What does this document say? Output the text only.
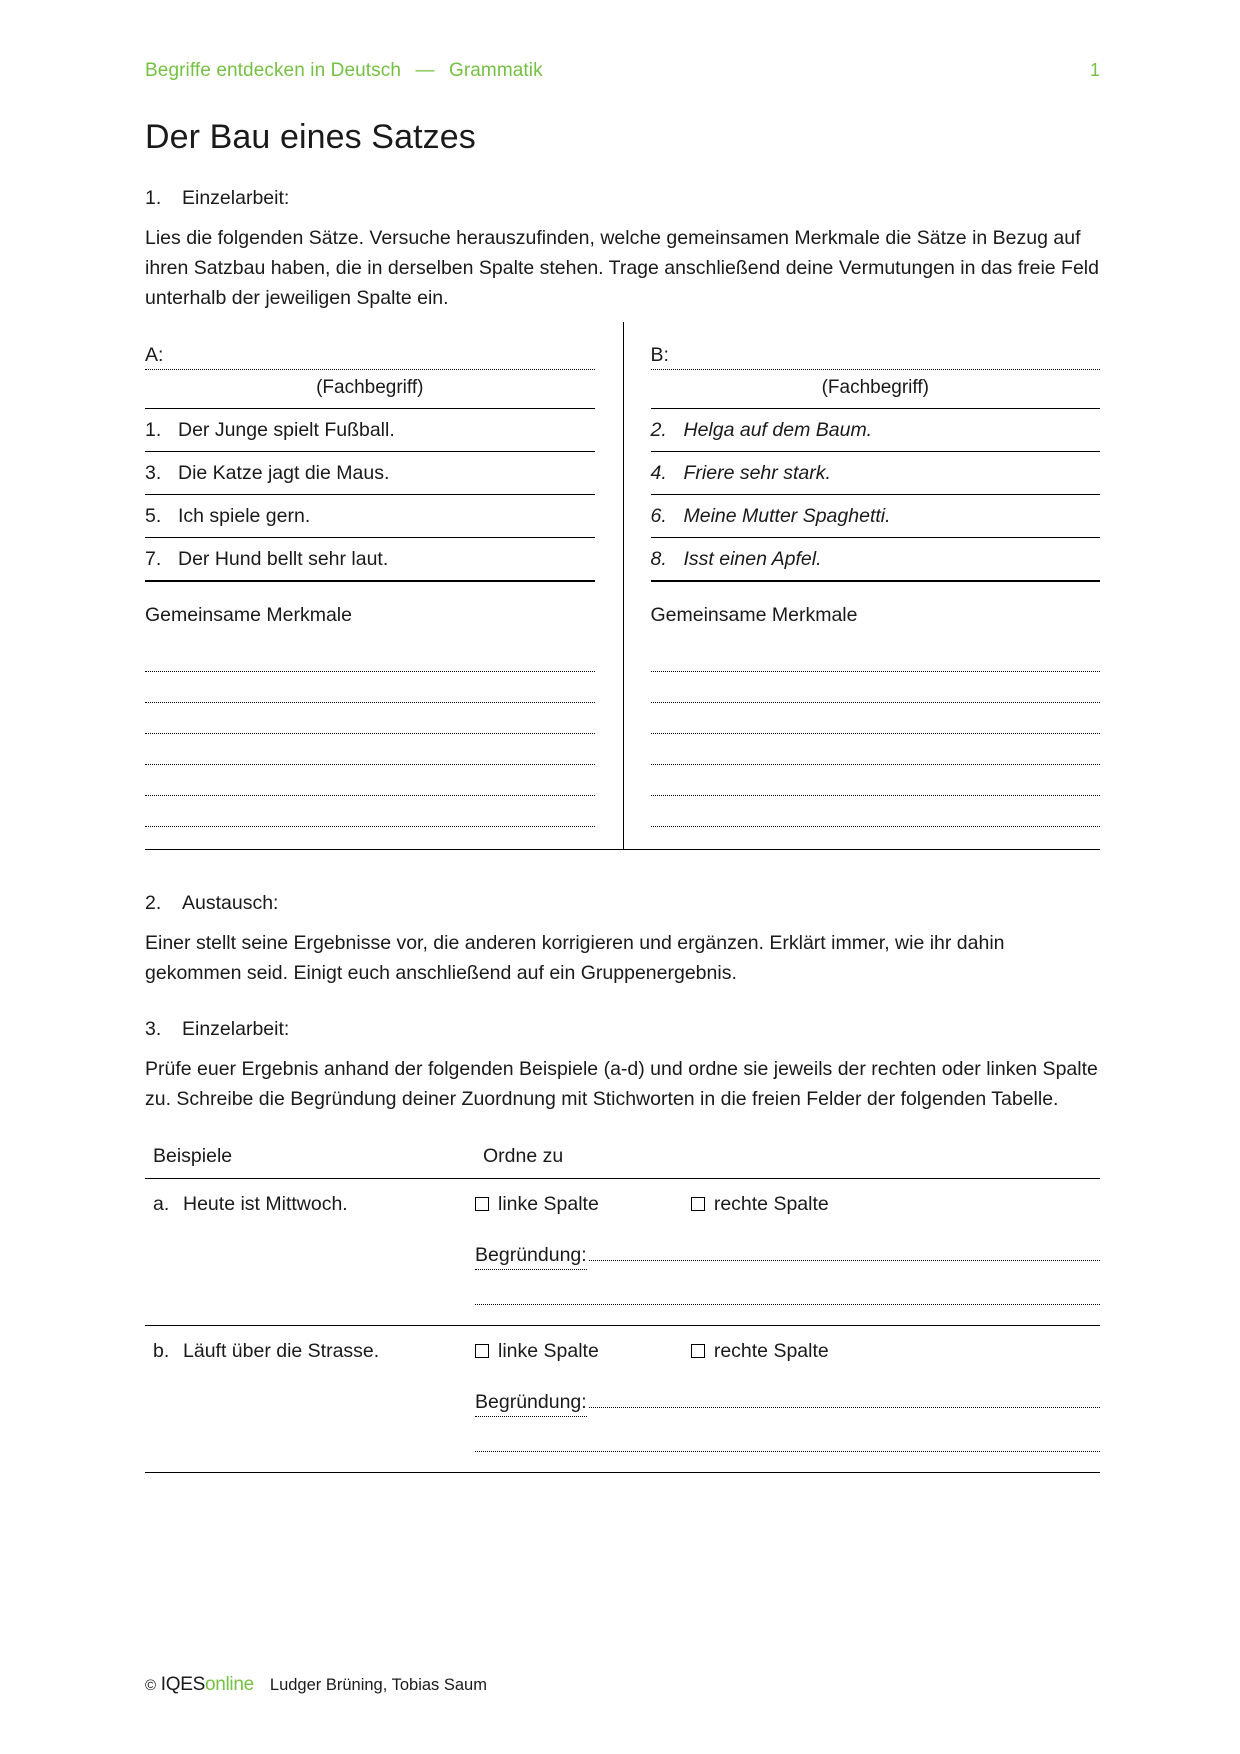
Begriffe entdecken in Deutsch — Grammatik	1
Der Bau eines Satzes
1.	Einzelarbeit:

Lies die folgenden Sätze. Versuche herauszufinden, welche gemeinsamen Merkmale die Sätze in Bezug auf ihren Satzbau haben, die in derselben Spalte stehen. Trage anschließend deine Vermutungen in das freie Feld unterhalb der jeweiligen Spalte ein.

A:
(Fachbegriff)
1. Der Junge spielt Fußball.
3. Die Katze jagt die Maus.
5. Ich spiele gern.
7. Der Hund bellt sehr laut.
Gemeinsame Merkmale
B:
(Fachbegriff)
2. Helga auf dem Baum.
4. Friere sehr stark.
6. Meine Mutter Spaghetti.
8. Isst einen Apfel.
Gemeinsame Merkmale
2.	Austausch:

Einer stellt seine Ergebnisse vor, die anderen korrigieren und ergänzen. Erklärt immer, wie ihr dahin gekommen seid. Einigt euch anschließend auf ein Gruppenergebnis.

3.	Einzelarbeit:

Prüfe euer Ergebnis anhand der folgenden Beispiele (a-d) und ordne sie jeweils der rechten oder linken Spalte zu. Schreibe die Begründung deiner Zuordnung mit Stichworten in die freien Felder der folgenden Tabelle.

Beispiele	Ordne zu
a. Heute ist Mittwoch.	linke Spalte	rechte Spalte
Begründung:
b. Läuft über die Strasse.	linke Spalte	rechte Spalte
Begründung:
© IQESonline Ludger Brüning, Tobias Saum
